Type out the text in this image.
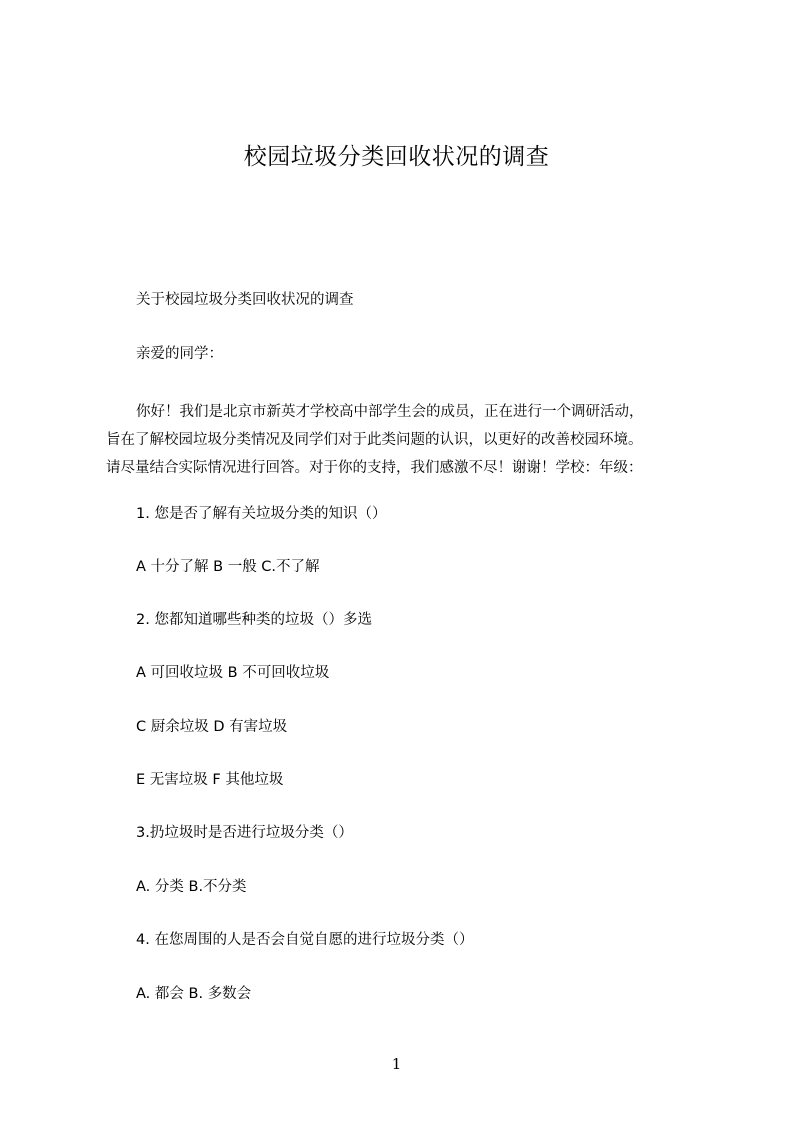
校园垃圾分类回收状况的调查

关于校园垃圾分类回收状况的调查

亲爱的同学：

你好！我们是北京市新英才学校高中部学生会的成员，正在进行一个调研活动，
旨在了解校园垃圾分类情况及同学们对于此类问题的认识，以更好的改善校园环境。
请尽量结合实际情况进行回答。对于你的支持，我们感激不尽！谢谢！学校：年级：

1. 您是否了解有关垃圾分类的知识（）

A 十分了解 B 一般 C.不了解

2. 您都知道哪些种类的垃圾（）多选

A 可回收垃圾 B 不可回收垃圾

C 厨余垃圾 D 有害垃圾

E 无害垃圾 F 其他垃圾

3.扔垃圾时是否进行垃圾分类（）

A. 分类 B.不分类

4. 在您周围的人是否会自觉自愿的进行垃圾分类（）

A. 都会 B. 多数会

1
